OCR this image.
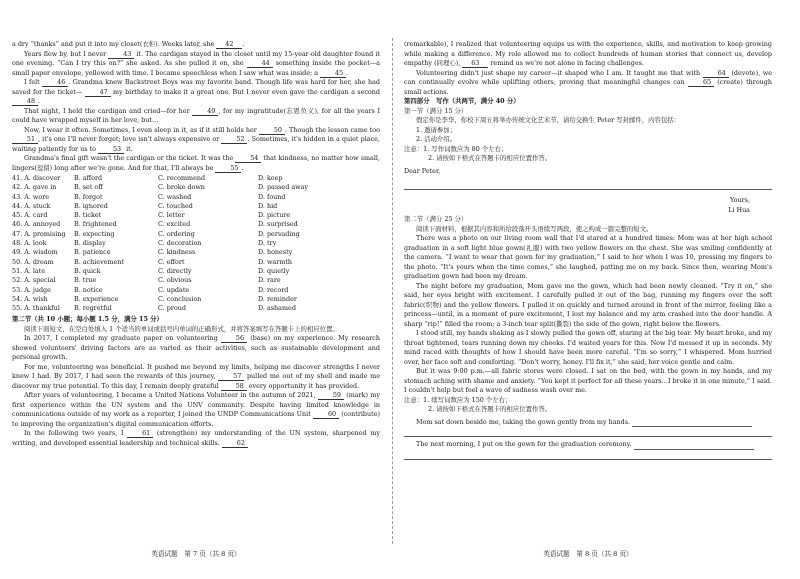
a dry “thanks” and put it into my closet(衣柜). Weeks later, she 42 .

Years flew by, but I never	43 it. The cardigan stayed in the closet until my 15-year-old daughter found it one evening. “Can I try this on?” she asked. As she pulled it on, she	44 something inside the pocket—a small paper envelope, yellowed with time. I became speechless when I saw what was inside; a	45 .

I felt	46 . Grandma knew Backstreet Boys was my favorite band. Though life was hard for her, she had saved for the ticket—	47 my birthday to make it a great one. But I never even gave the cardigan a second 48 .

That night, I held the cardigan and cried—for her	49 , for my ingratitude(忘恩负义), for all the years I could have wrapped myself in her love, but…

Now, I wear it often. Sometimes, I even sleep in it, as if it still holds her	50 . Though the lesson came too 51 , it's one I'll never forget; love isn't always expensive or	52 . Sometimes, it's hidden in a quiet place, waiting patiently for us to	53 it.

Grandma's final gift wasn't the cardigan or the ticket. It was the	54 that kindness, no matter how small, lingers(逗留) long after we're gone. And for that, I'll always be	55 .

41. A. discover	B. afford	C. recommend	D. keep
42. A. gave in	B. set off	C. broke down	D. passed away
43. A. wore	B. forgot	C. washed	D. found
44. A. stuck	B. ignored	C. touched	D. hid
45. A. card	B. ticket	C. letter	D. picture
46. A. annoyed	B. frightened	C. excited	D. surprised
47. A. promising	B. expecting	C. ordering	D. persuding
48. A. look	B. display	C. decoration	D. try
49. A. wisdom	B. patience	C. kindness	D. honesty
50. A. dream	B. achievement	C. effort	D. warmth
51. A. late	B. quick	C. directly	D. quietly
52. A. special	B. true	C. obvious	D. rare
53. A. judge	B. notice	C. update	D. record
54. A. wish	B. experience	C. conclusion	D. reminder
55. A. thankful	B. regretful	C. proud	D. ashamed

第二节（共 10 小题；每小题 1.5 分，满分 15 分）

阅读下面短文，在空白处填入 1 个适当的单词或括号内单词的正确形式，并将答案填写在答题卡上的相应位置。

In 2017, I completed my graduate paper on volunteering	56 (base) on my experience. My research showed volunteers' driving factors are as varied as their activities, such as sustainable development and personal growth.

For me, volunteering was beneficial. It pushed me beyond my limits, helping me discover strengths I never knew I had. By 2017, I had seen the rewards of this journey,	57 pulled me out of my shell and made me discover my true potential. To this day, I remain deeply grateful	58 every opportunity it has provided.

After years of volunteering, I became a United Nations Volunteer in the autumn of 2021,	59 (mark) my first experience within the UN system and the UNV community. Despite having limited knowledge in communications outside of my work as a reporter, I joined the UNDP Communications Unit	60 (contribute) to improving the organization's digital communication efforts.

In the following two years, I	61 (strengthen) my understanding of the UN system, sharpened my writing, and developed essential leadership and technical skills.	62

英语试题　第 7 页（共 8 页）

(remarkable), I realized that volunteering equips us with the experience, skills, and motivation to keep growing while making a difference. My role allowed me to collect hundreds of human stories that connect us, develop empathy (同理心), 63 remind us we're not alone in facing challenges.

Volunteering didn't just shape my career—it shaped who I am. It taught me that with	64 (devote), we can continually evolve while uplifting others, proving that meaningful changes can	65 (create) through small actions.

第四部分　写作（共两节，满分 40 分）

第一节（满分 15 分）

假定你是李华，你校下周五将举办传统文化艺术节，请给交换生 Peter 写封邮件，内容包括：

1. 邀请参加；

2. 活动介绍。

注意：1. 写作词数应为 80 个左右；

2. 请按如下格式在答题卡的相应位置作答。

Dear Peter,

Yours,

Li Hua

第二节（满分 25 分）

阅读下面材料，根据其内容和所给段落开头语续写两段，使之构成一篇完整的短文。

There was a photo on our living room wall that I'd stared at a hundred times: Mom was at her high school graduation in a soft light blue gown(礼服) with two yellow flowers on the chest. She was smiling confidently at the camera. “I want to wear that gown for my graduation,” I said to her when I was 10, pressing my fingers to the photo. “It's yours when the time comes,” she laughed, patting me on my back. Since then, wearing Mom's graduation gown had been my dream.

The night before my graduation, Mom gave me the gown, which had been newly cleaned. “Try it on,” she said, her eyes bright with excitement. I carefully pulled it out of the bag, running my fingers over the soft fabric(织物) and the yellow flowers. I pulled it on quickly and turned around in front of the mirror, feeling like a princess—until, in a moment of pure excitement, I lost my balance and my arm crashed into the door handle. A sharp “rip!” filled the room; a 3-inch tear split(撕裂) the side of the gown, right below the flowers.

I stood still, my hands shaking as I slowly pulled the gown off, staring at the big tear. My heart broke, and my throat tightened, tears running down my cheeks. I'd waited years for this. Now I'd messed it up in seconds. My mind raced with thoughts of how I should have been more careful. “I'm so sorry,” I whispered. Mom hurried over, her face soft and comforting. “Don't worry, honey. I'll fix it,” she said, her voice gentle and calm.

But it was 9:00 p.m.—all fabric stores were closed. I sat on the bed, with the gown in my hands, and my stomach aching with shame and anxiety. “You kept it perfect for all these years…I broke it in one minute,” I said. I couldn't help but feel a wave of sadness wash over me.

注意：1. 续写词数应为 150 个左右；

2. 请按如下格式在答题卡的相应位置作答。

Mom sat down beside me, taking the gown gently from my hands.

The next morning, I put on the gown for the graduation ceremony.

英语试题　第 8 页（共 8 页）
